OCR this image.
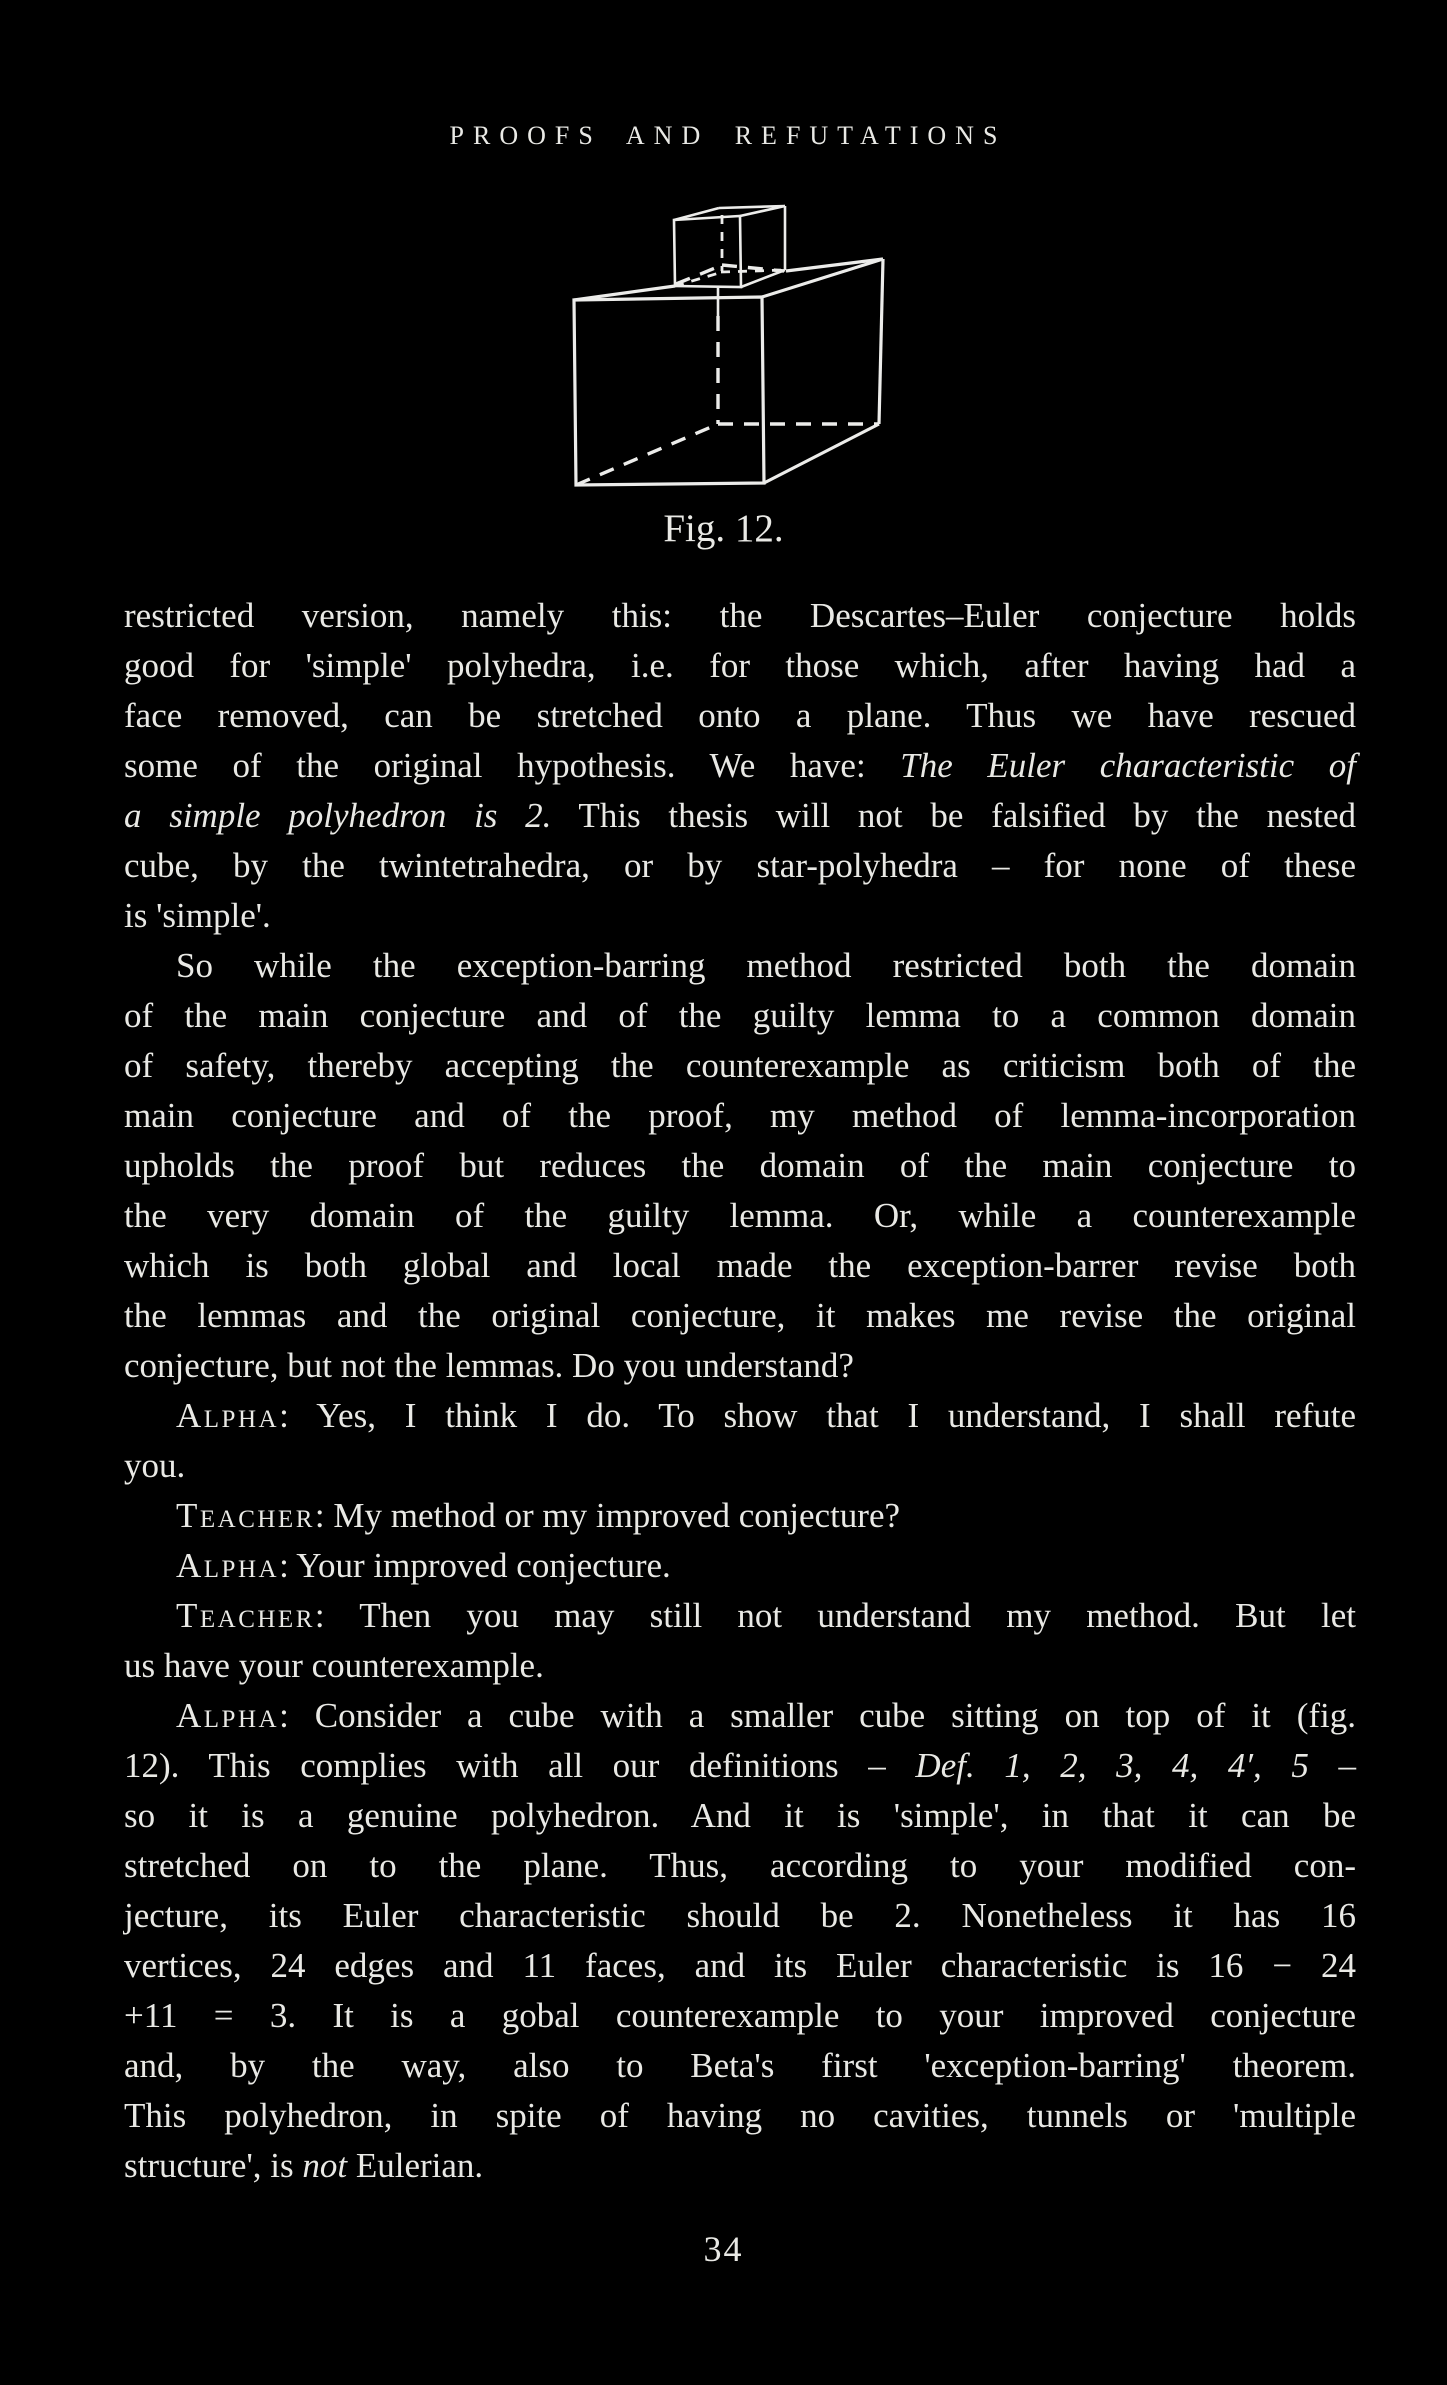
PROOFS AND REFUTATIONS
Fig. 12.
restricted version, namely this: the Descartes–Euler conjecture holds
good for 'simple' polyhedra, i.e. for those which, after having had a
face removed, can be stretched onto a plane. Thus we have rescued
some of the original hypothesis. We have: The Euler characteristic of
a simple polyhedron is 2. This thesis will not be falsified by the nested
cube, by the twintetrahedra, or by star-polyhedra – for none of these
is 'simple'.
So while the exception-barring method restricted both the domain
of the main conjecture and of the guilty lemma to a common domain
of safety, thereby accepting the counterexample as criticism both of the
main conjecture and of the proof, my method of lemma-incorporation
upholds the proof but reduces the domain of the main conjecture to
the very domain of the guilty lemma. Or, while a counterexample
which is both global and local made the exception-barrer revise both
the lemmas and the original conjecture, it makes me revise the original
conjecture, but not the lemmas. Do you understand?
Alpha: Yes, I think I do. To show that I understand, I shall refute
you.
Teacher: My method or my improved conjecture?
Alpha: Your improved conjecture.
Teacher: Then you may still not understand my method. But let
us have your counterexample.
Alpha: Consider a cube with a smaller cube sitting on top of it (fig.
12). This complies with all our definitions – Def. 1, 2, 3, 4, 4′, 5 –
so it is a genuine polyhedron. And it is 'simple', in that it can be
stretched on to the plane. Thus, according to your modified con-
jecture, its Euler characteristic should be 2. Nonetheless it has 16
vertices, 24 edges and 11 faces, and its Euler characteristic is 16 − 24
+11 = 3. It is a gobal counterexample to your improved conjecture
and, by the way, also to Beta's first 'exception-barring' theorem.
This polyhedron, in spite of having no cavities, tunnels or 'multiple
structure', is not Eulerian.
34
